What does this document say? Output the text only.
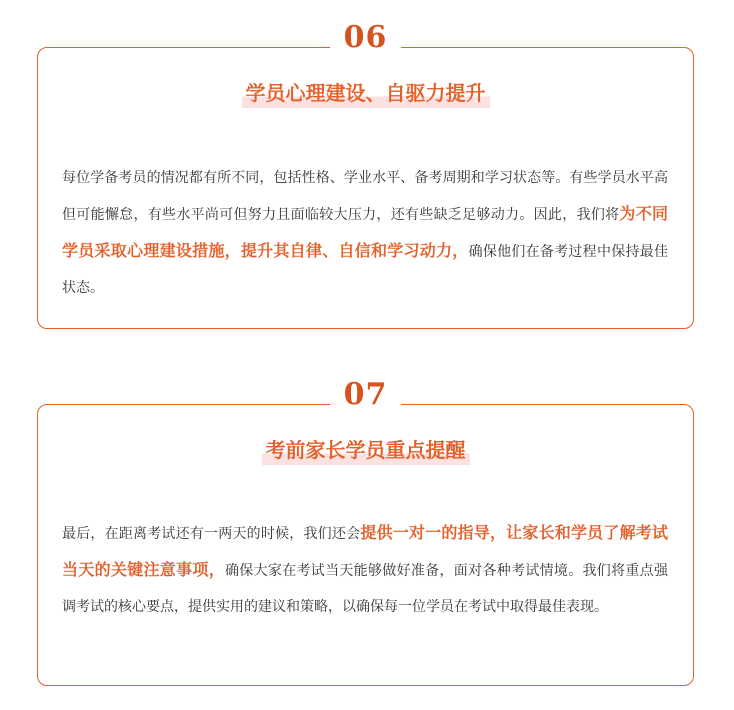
06
学员心理建设、自驱力提升
每位学备考员的情况都有所不同，包括性格、学业水平、备考周期和学习状态等。有些学员水平高但可能懈怠，有些水平尚可但努力且面临较大压力，还有些缺乏足够动力。因此，我们将为不同学员采取心理建设措施，提升其自律、自信和学习动力，确保他们在备考过程中保持最佳状态。
07
考前家长学员重点提醒
最后，在距离考试还有一两天的时候，我们还会提供一对一的指导，让家长和学员了解考试当天的关键注意事项，确保大家在考试当天能够做好准备，面对各种考试情境。我们将重点强调考试的核心要点，提供实用的建议和策略，以确保每一位学员在考试中取得最佳表现。
